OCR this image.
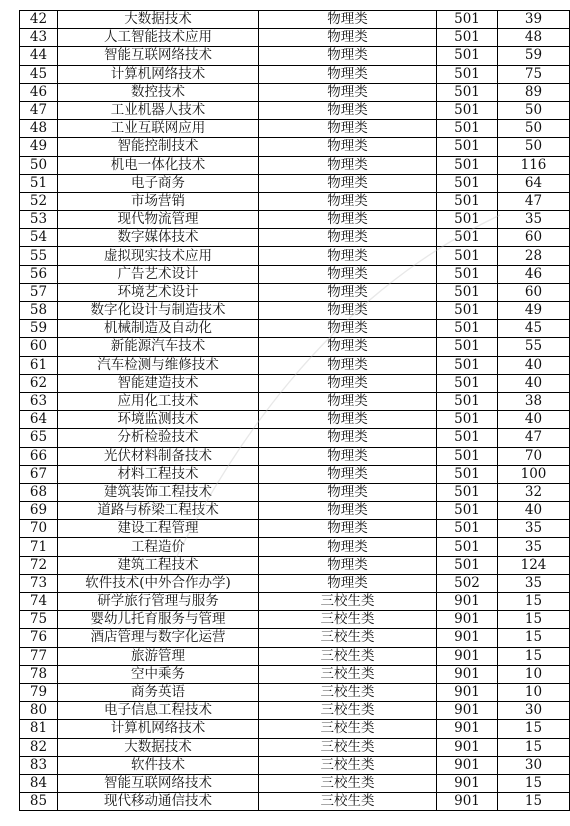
42	大数据技术	物理类	501	39
43	人工智能技术应用	物理类	501	48
44	智能互联网络技术	物理类	501	59
45	计算机网络技术	物理类	501	75
46	数控技术	物理类	501	89
47	工业机器人技术	物理类	501	50
48	工业互联网应用	物理类	501	50
49	智能控制技术	物理类	501	50
50	机电一体化技术	物理类	501	116
51	电子商务	物理类	501	64
52	市场营销	物理类	501	47
53	现代物流管理	物理类	501	35
54	数字媒体技术	物理类	501	60
55	虚拟现实技术应用	物理类	501	28
56	广告艺术设计	物理类	501	46
57	环境艺术设计	物理类	501	60
58	数字化设计与制造技术	物理类	501	49
59	机械制造及自动化	物理类	501	45
60	新能源汽车技术	物理类	501	55
61	汽车检测与维修技术	物理类	501	40
62	智能建造技术	物理类	501	40
63	应用化工技术	物理类	501	38
64	环境监测技术	物理类	501	40
65	分析检验技术	物理类	501	47
66	光伏材料制备技术	物理类	501	70
67	材料工程技术	物理类	501	100
68	建筑装饰工程技术	物理类	501	32
69	道路与桥梁工程技术	物理类	501	40
70	建设工程管理	物理类	501	35
71	工程造价	物理类	501	35
72	建筑工程技术	物理类	501	124
73	软件技术(中外合作办学)	物理类	502	35
74	研学旅行管理与服务	三校生类	901	15
75	婴幼儿托育服务与管理	三校生类	901	15
76	酒店管理与数字化运营	三校生类	901	15
77	旅游管理	三校生类	901	15
78	空中乘务	三校生类	901	10
79	商务英语	三校生类	901	10
80	电子信息工程技术	三校生类	901	30
81	计算机网络技术	三校生类	901	15
82	大数据技术	三校生类	901	15
83	软件技术	三校生类	901	30
84	智能互联网络技术	三校生类	901	15
85	现代移动通信技术	三校生类	901	15
